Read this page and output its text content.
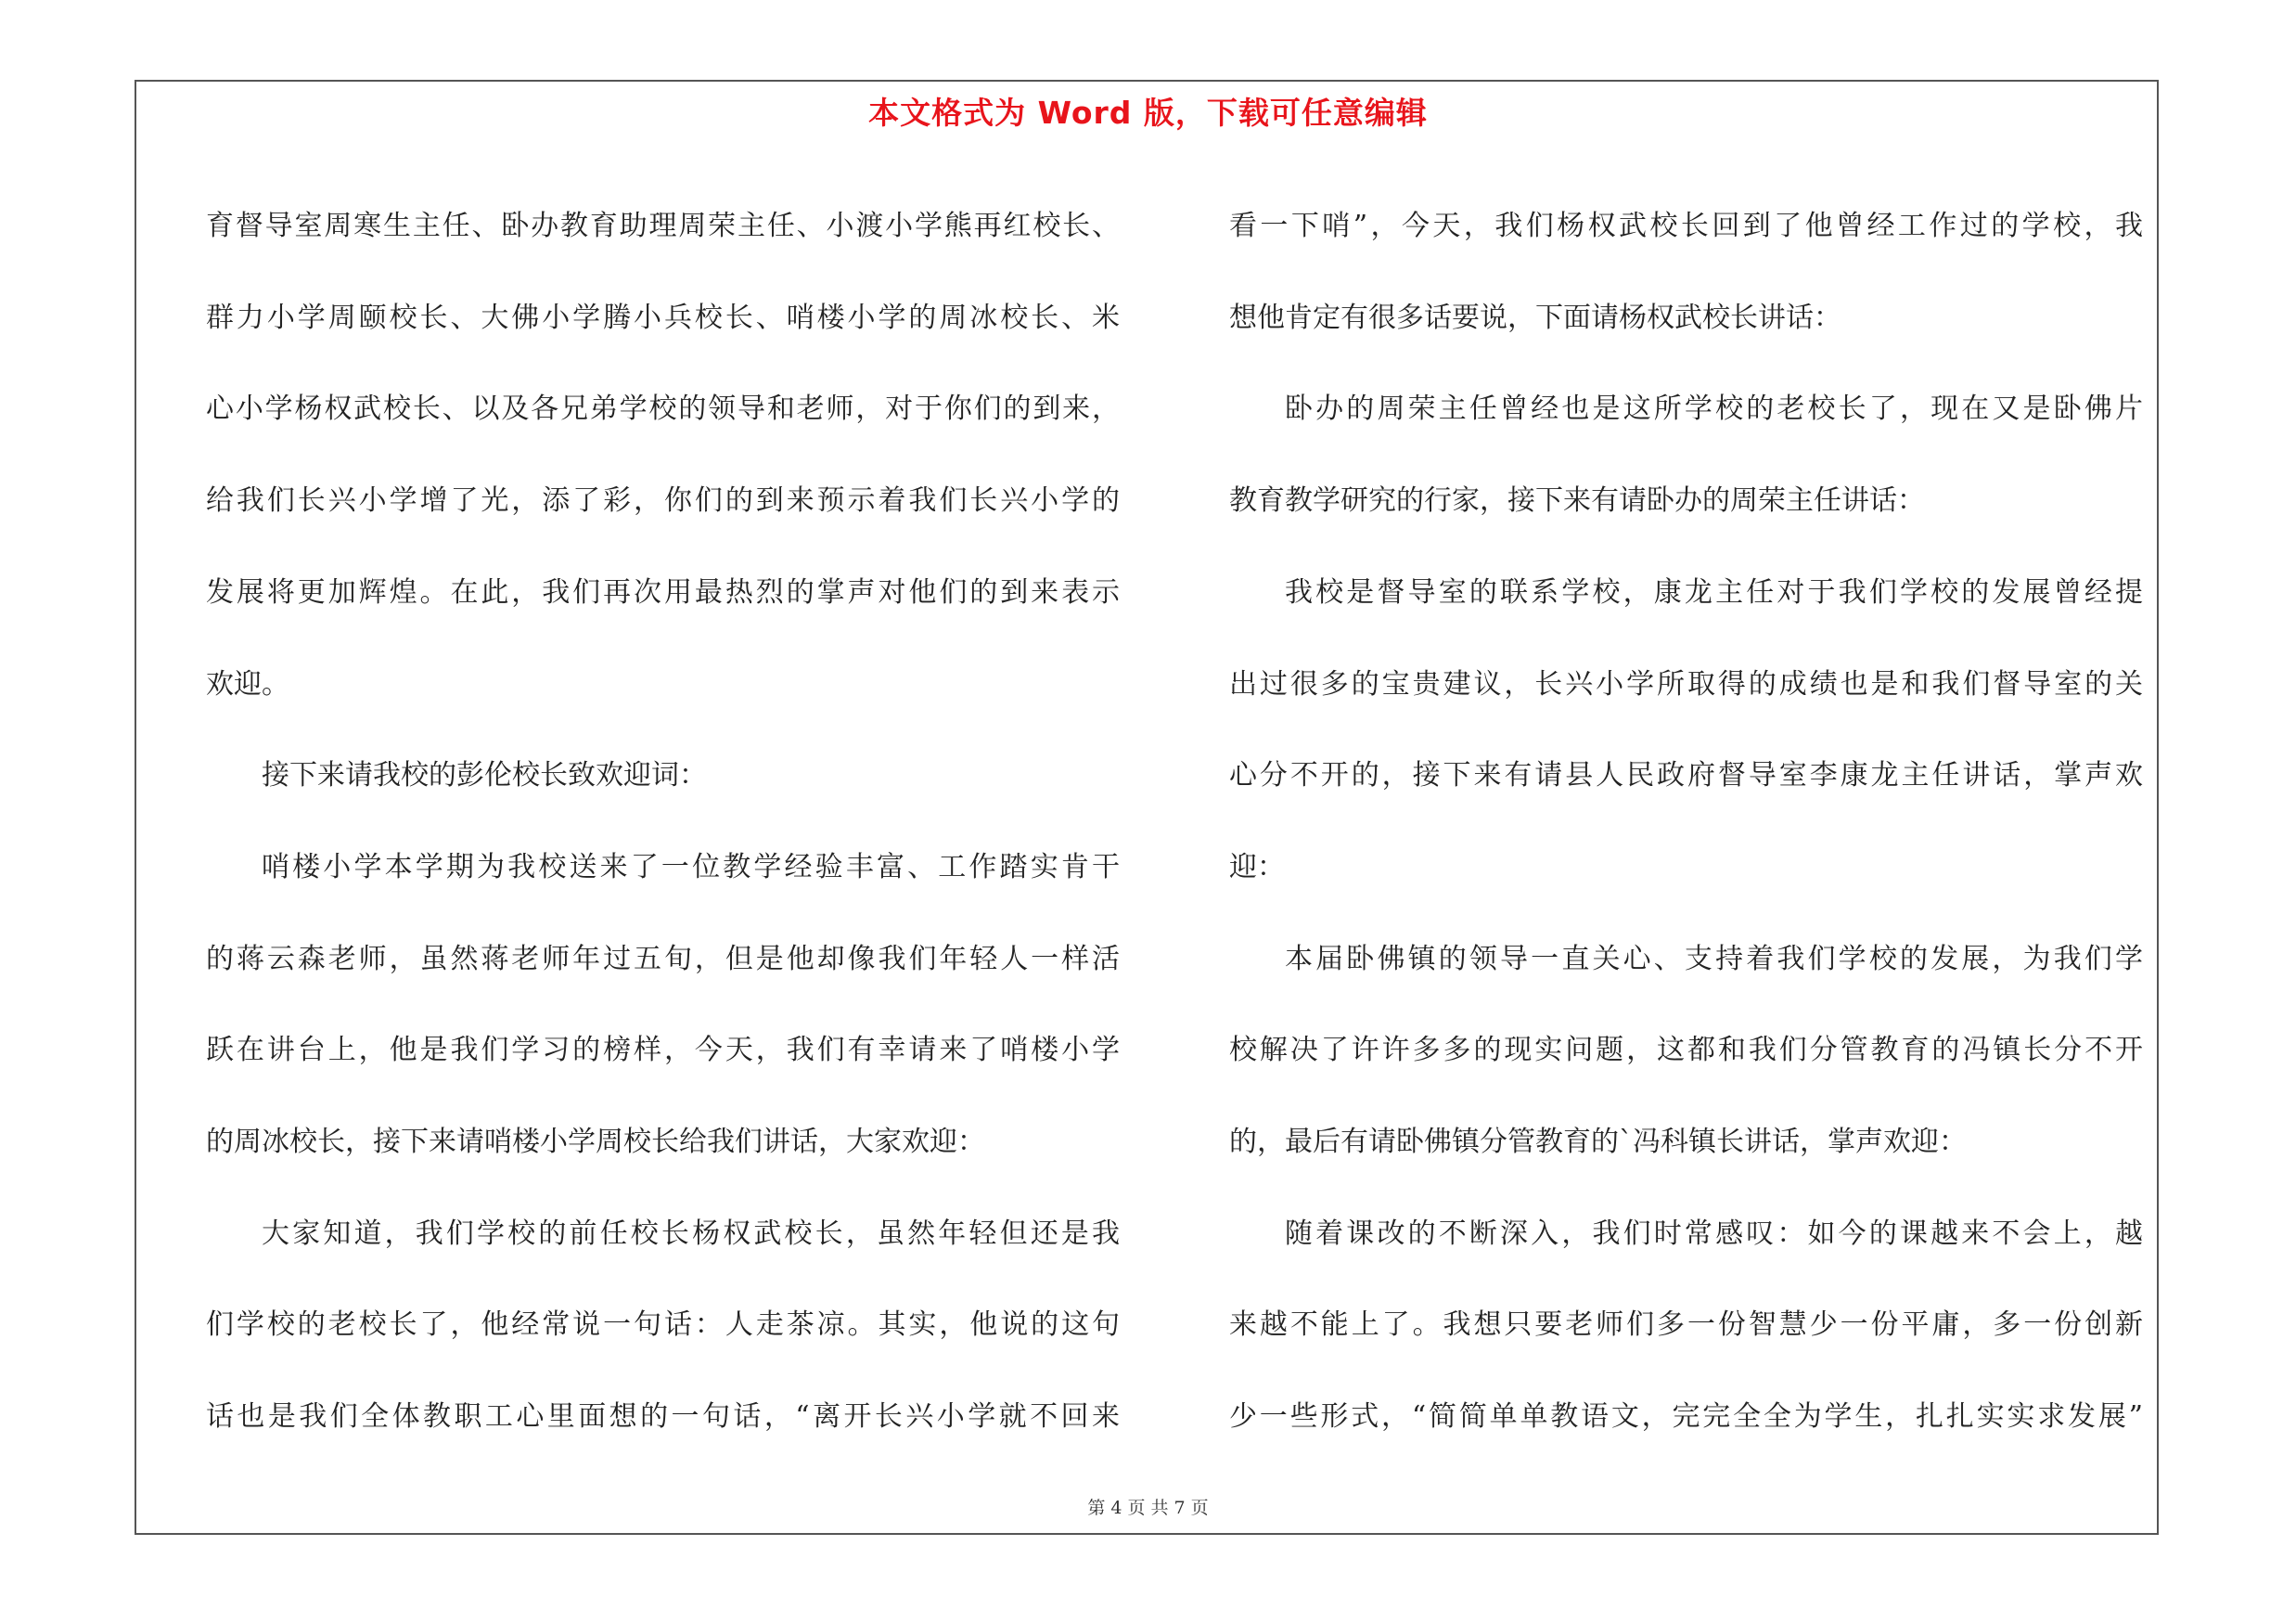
本文格式为 Word 版，下载可任意编辑

育督导室周寒生主任、卧办教育助理周荣主任、小渡小学熊再红校长、

群力小学周颐校长、大佛小学腾小兵校长、哨楼小学的周冰校长、米

心小学杨权武校长、以及各兄弟学校的领导和老师，对于你们的到来，

给我们长兴小学增了光，添了彩，你们的到来预示着我们长兴小学的

发展将更加辉煌。在此，我们再次用最热烈的掌声对他们的到来表示

欢迎。

接下来请我校的彭伦校长致欢迎词：

哨楼小学本学期为我校送来了一位教学经验丰富、工作踏实肯干

的蒋云森老师，虽然蒋老师年过五旬，但是他却像我们年轻人一样活

跃在讲台上，他是我们学习的榜样，今天，我们有幸请来了哨楼小学

的周冰校长，接下来请哨楼小学周校长给我们讲话，大家欢迎：

大家知道，我们学校的前任校长杨权武校长，虽然年轻但还是我

们学校的老校长了，他经常说一句话：人走茶凉。其实，他说的这句

话也是我们全体教职工心里面想的一句话，“离开长兴小学就不回来

看一下哨”，今天，我们杨权武校长回到了他曾经工作过的学校，我

想他肯定有很多话要说，下面请杨权武校长讲话：

卧办的周荣主任曾经也是这所学校的老校长了，现在又是卧佛片

教育教学研究的行家，接下来有请卧办的周荣主任讲话：

我校是督导室的联系学校，康龙主任对于我们学校的发展曾经提

出过很多的宝贵建议，长兴小学所取得的成绩也是和我们督导室的关

心分不开的，接下来有请县人民政府督导室李康龙主任讲话，掌声欢

迎：

本届卧佛镇的领导一直关心、支持着我们学校的发展，为我们学

校解决了许许多多的现实问题，这都和我们分管教育的冯镇长分不开

的，最后有请卧佛镇分管教育的`冯科镇长讲话，掌声欢迎：

随着课改的不断深入，我们时常感叹：如今的课越来不会上，越

来越不能上了。我想只要老师们多一份智慧少一份平庸，多一份创新

少一些形式，“简简单单教语文，完完全全为学生，扎扎实实求发展”

第 4 页 共 7 页
